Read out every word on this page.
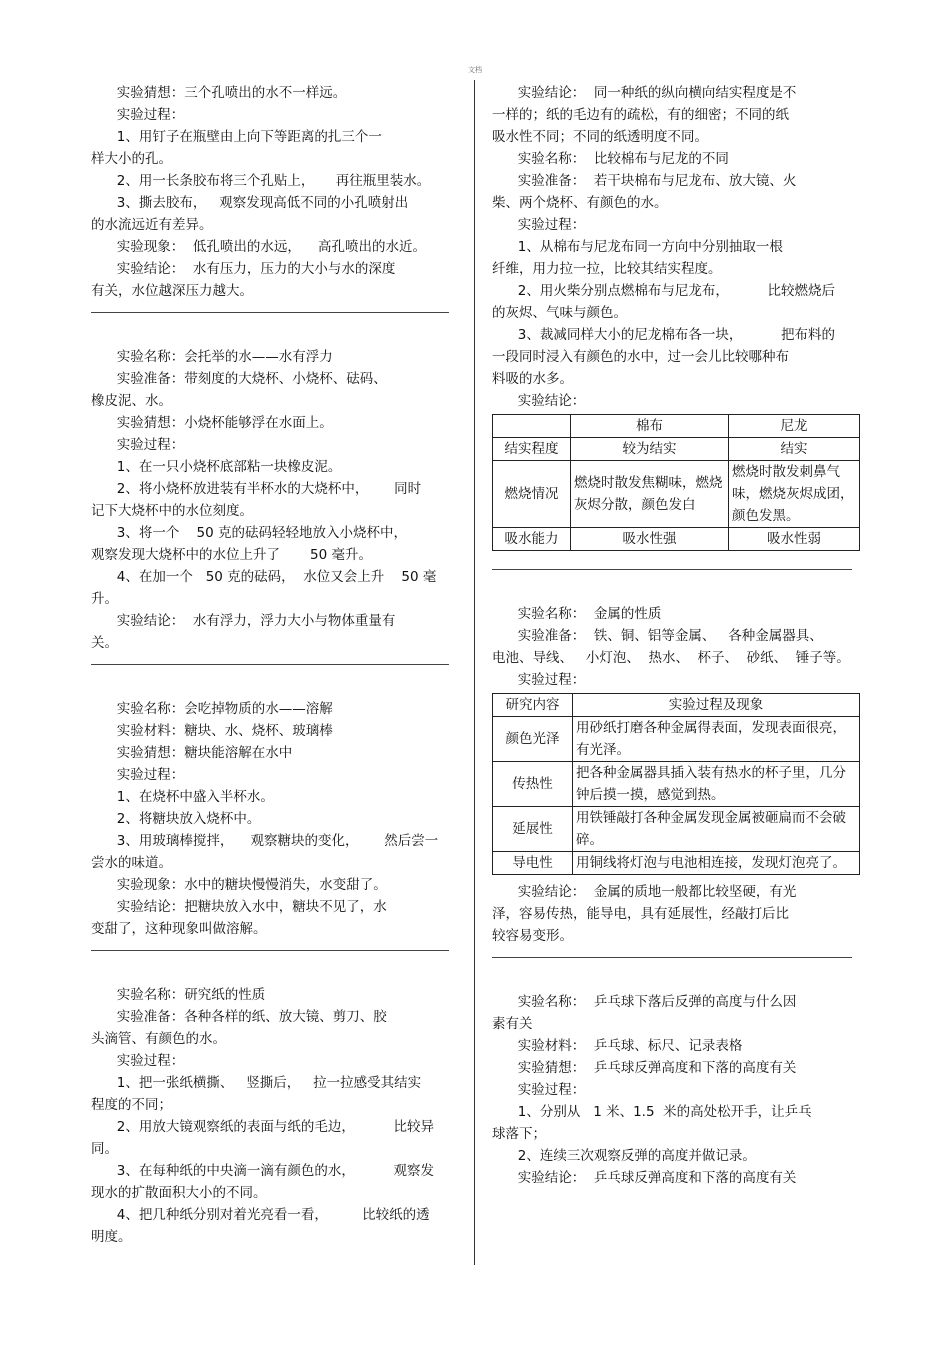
文档
实验猜想：三个孔喷出的水不一样远。
实验过程：
1、用钉子在瓶壁由上向下等距离的扎三个一
样大小的孔。
2、用一长条胶布将三个孔贴上，     再往瓶里装水。
3、撕去胶布，   观察发现高低不同的小孔喷射出
的水流远近有差异。
实验现象：  低孔喷出的水远，    高孔喷出的水近。
实验结论：  水有压力，压力的大小与水的深度
有关，水位越深压力越大。
实验名称：会托举的水——水有浮力
实验准备：带刻度的大烧杯、小烧杯、砝码、
橡皮泥、水。
实验猜想：小烧杯能够浮在水面上。
实验过程：
1、在一只小烧杯底部粘一块橡皮泥。
2、将小烧杯放进装有半杯水的大烧杯中，      同时
记下大烧杯中的水位刻度。
3、将一个    50 克的砝码轻轻地放入小烧杯中，
观察发现大烧杯中的水位上升了       50 毫升。
4、在加一个   50 克的砝码，  水位又会上升    50 毫
升。
实验结论：  水有浮力，浮力大小与物体重量有
关。
实验名称：会吃掉物质的水——溶解
实验材料：糖块、水、烧杯、玻璃棒
实验猜想：糖块能溶解在水中
实验过程：
1、在烧杯中盛入半杯水。
2、将糖块放入烧杯中。
3、用玻璃棒搅拌，    观察糖块的变化，      然后尝一
尝水的味道。
实验现象：水中的糖块慢慢消失，水变甜了。
实验结论：把糖块放入水中，糖块不见了，水
变甜了，这种现象叫做溶解。
实验名称：研究纸的性质
实验准备：各种各样的纸、放大镜、剪刀、胶
头滴管、有颜色的水。
实验过程：
1、把一张纸横撕、   竖撕后，   拉一拉感受其结实
程度的不同；
2、用放大镜观察纸的表面与纸的毛边，         比较异
同。
3、在每种纸的中央滴一滴有颜色的水，         观察发
现水的扩散面积大小的不同。
4、把几种纸分别对着光亮看一看，        比较纸的透
明度。
实验结论：  同一种纸的纵向横向结实程度是不
一样的；纸的毛边有的疏松，有的细密；不同的纸
吸水性不同；不同的纸透明度不同。
实验名称：  比较棉布与尼龙的不同
实验准备：  若干块棉布与尼龙布、放大镜、火
柴、两个烧杯、有颜色的水。
实验过程：
1、从棉布与尼龙布同一方向中分别抽取一根
纤维，用力拉一拉，比较其结实程度。
2、用火柴分别点燃棉布与尼龙布，         比较燃烧后
的灰烬、气味与颜色。
3、裁减同样大小的尼龙棉布各一块，         把布料的
一段同时浸入有颜色的水中，过一会儿比较哪种布
料吸的水多。
实验结论：
	棉布	尼龙
结实程度	较为结实	结实
燃烧情况	燃烧时散发焦糊味，燃烧灰烬分散，颜色发白	燃烧时散发刺鼻气味，燃烧灰烬成团，颜色发黑。
吸水能力	吸水性强	吸水性弱
实验名称：  金属的性质
实验准备：  铁、铜、铝等金属、   各种金属器具、
电池、导线、   小灯泡、  热水、  杯子、  砂纸、  锤子等。
实验过程：
研究内容	实验过程及现象
颜色光泽	用砂纸打磨各种金属得表面，发现表面很亮，有光泽。
传热性	把各种金属器具插入装有热水的杯子里，几分钟后摸一摸，感觉到热。
延展性	用铁锤敲打各种金属发现金属被砸扁而不会破碎。
导电性	用铜线将灯泡与电池相连接，发现灯泡亮了。
实验结论：  金属的质地一般都比较坚硬，有光
泽，容易传热，能导电，具有延展性，经敲打后比
较容易变形。
实验名称：  乒乓球下落后反弹的高度与什么因
素有关
实验材料：  乒乓球、标尺、记录表格
实验猜想：  乒乓球反弹高度和下落的高度有关
实验过程：
1、分别从   1 米、1.5  米的高处松开手，让乒乓
球落下；
2、连续三次观察反弹的高度并做记录。
实验结论：  乒乓球反弹高度和下落的高度有关
